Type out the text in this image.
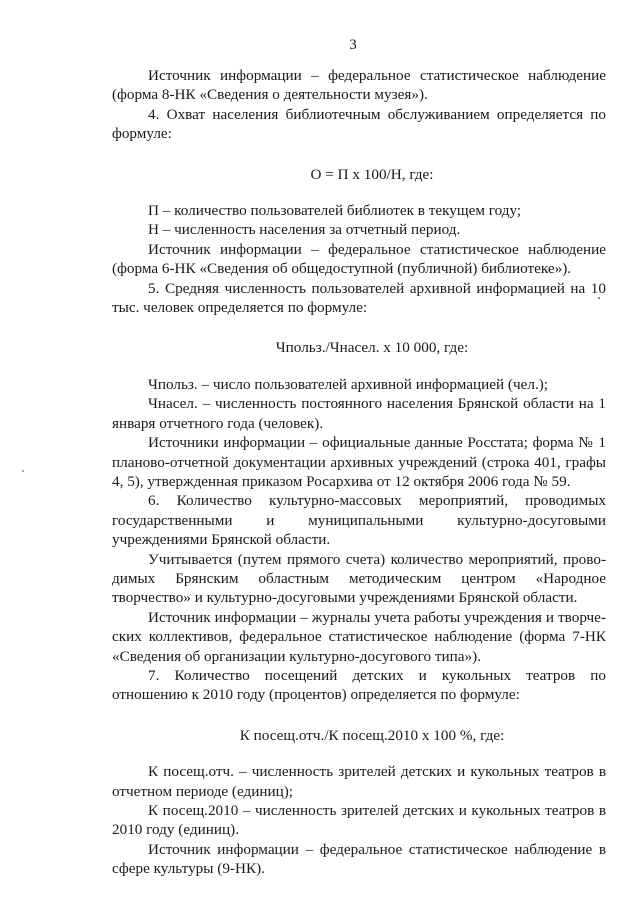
3

Источник информации – федеральное статистическое наблюдение (форма 8-НК «Сведения о деятельности музея»).

4. Охват населения библиотечным обслуживанием определяется по формуле:

О = П х 100/Н, где:

П – количество пользователей библиотек в текущем году;

Н – численность населения за отчетный период.

Источник информации – федеральное статистическое наблюдение (форма 6-НК «Сведения об общедоступной (публичной) библиотеке»).

5. Средняя численность пользователей архивной информацией на 10 тыс. человек определяется по формуле:

Чпольз./Чнасел. х 10 000, где:

Чпольз. – число пользователей архивной информацией (чел.);

Чнасел. – численность постоянного населения Брянской области на 1 января отчетного года (человек).

Источники информации – официальные данные Росстата; форма № 1 планово-отчетной документации архивных учреждений (строка 401, графы 4, 5), утвержденная приказом Росархива от 12 октября 2006 года № 59.

6. Количество культурно-массовых мероприятий, проводимых государственными и муниципальными культурно-досуговыми учреждениями Брянской области.

Учитывается (путем прямого счета) количество мероприятий, проводимых Брянским областным методическим центром «Народное творчество» и культурно-досуговыми учреждениями Брянской области.

Источник информации – журналы учета работы учреждения и творческих коллективов, федеральное статистическое наблюдение (форма 7-НК «Сведения об организации культурно-досугового типа»).

7. Количество посещений детских и кукольных театров по отношению к 2010 году (процентов) определяется по формуле:

К посещ.отч./К посещ.2010 х 100 %, где:

К посещ.отч. – численность зрителей детских и кукольных театров в отчетном периоде (единиц);

К посещ.2010 – численность зрителей детских и кукольных театров в 2010 году (единиц).

Источник информации – федеральное статистическое наблюдение в сфере культуры (9-НК).
